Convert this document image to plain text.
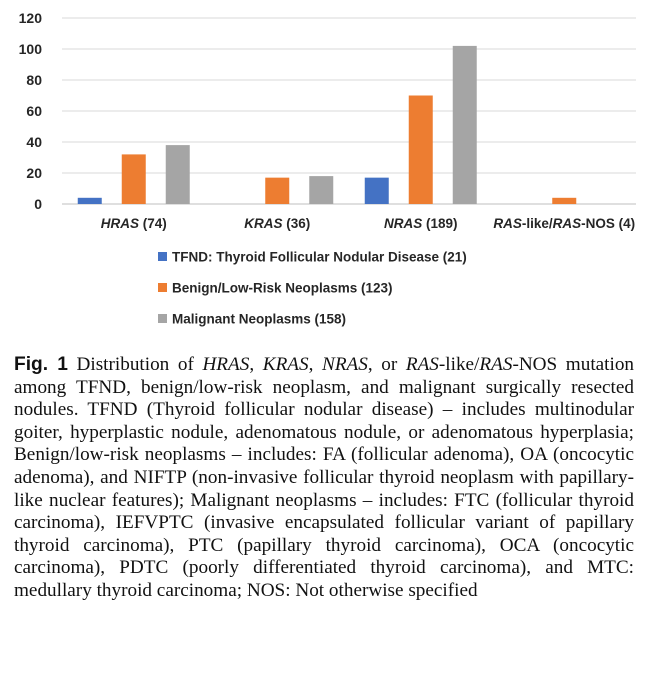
0
20
40
60
80
100
120
HRAS (74)	KRAS (36)	NRAS (189)	RAS-like/RAS-NOS (4)
TFND: Thyroid Follicular Nodular Disease (21)
Benign/Low-Risk Neoplasms (123)
Malignant Neoplasms (158)
Fig. 1 Distribution of HRAS, KRAS, NRAS, or RAS-like/RAS-NOS mutation among TFND, benign/low-risk neoplasm, and malignant surgically resected nodules. TFND (Thyroid follicular nodular disease) – includes multinodular goiter, hyperplastic nodule, adenomatous nodule, or adenomatous hyperplasia; Benign/low-risk neoplasms – includes: FA (follicular adenoma), OA (oncocytic adenoma), and NIFTP (non-invasive follicular thyroid neoplasm with papillary-like nuclear features); Malignant neoplasms – includes: FTC (follicular thyroid carcinoma), IEFVPTC (invasive encapsulated follicular variant of papillary thyroid carcinoma), PTC (papillary thyroid carcinoma), OCA (oncocytic carcinoma), PDTC (poorly differentiated thyroid carcinoma), and MTC: medullary thyroid carcinoma; NOS: Not otherwise specified
